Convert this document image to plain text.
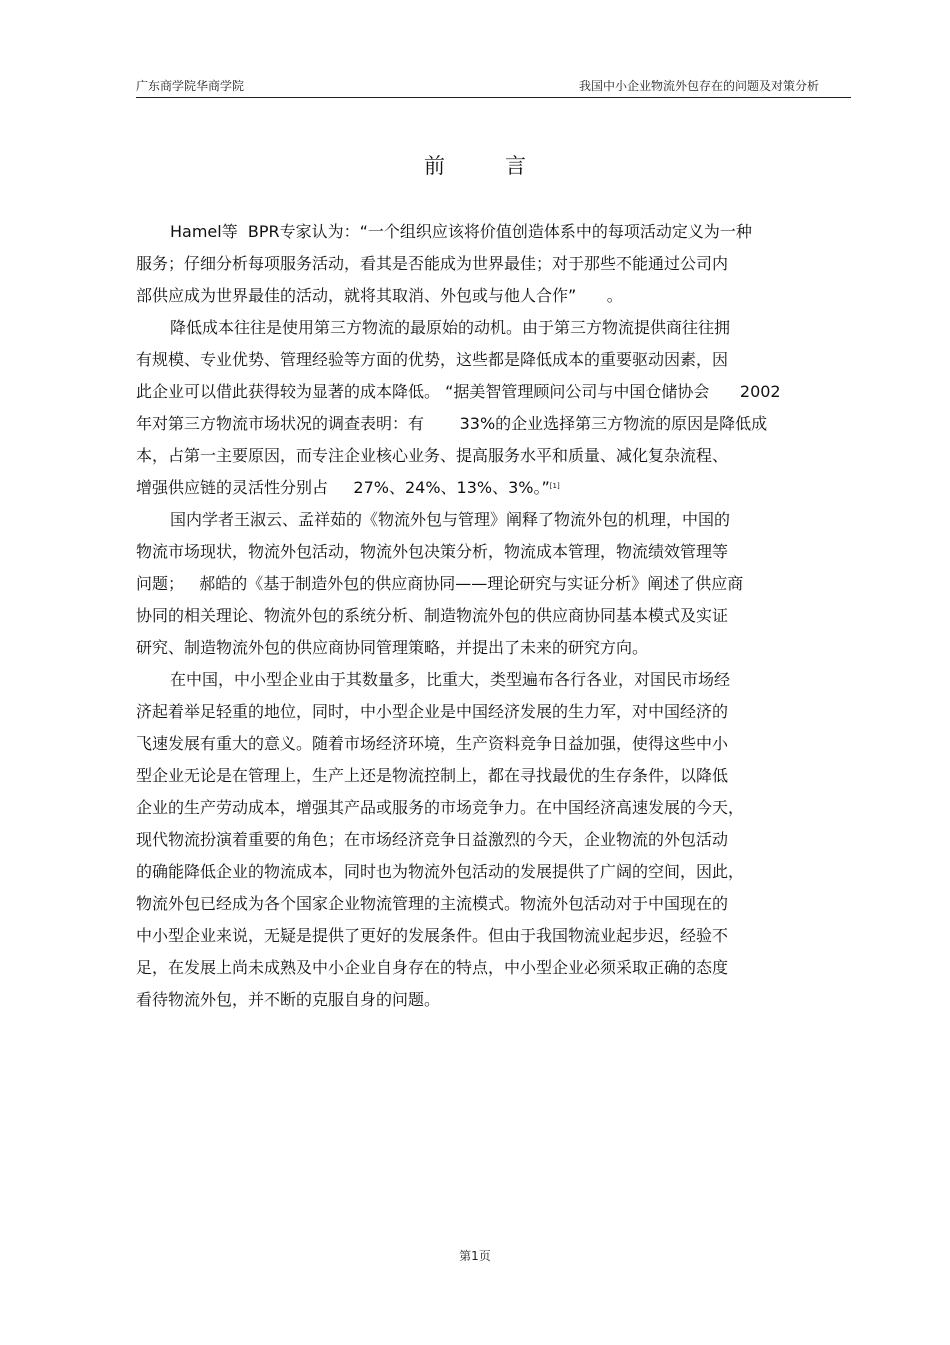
广东商学院华商学院	我国中小企业物流外包存在的问题及对策分析
前言
Hamel等  BPR专家认为：“一个组织应该将价值创造体系中的每项活动定义为一种
服务；仔细分析每项服务活动，看其是否能成为世界最佳；对于那些不能通过公司内
部供应成为世界最佳的活动，就将其取消、外包或与他人合作”      。
降低成本往往是使用第三方物流的最原始的动机。由于第三方物流提供商往往拥
有规模、专业优势、管理经验等方面的优势，这些都是降低成本的重要驱动因素，因
此企业可以借此获得较为显著的成本降低。 “据美智管理顾问公司与中国仓储协会      2002
年对第三方物流市场状况的调查表明：有       33%的企业选择第三方物流的原因是降低成
本，占第一主要原因，而专注企业核心业务、提高服务水平和质量、减化复杂流程、
增强供应链的灵活性分别占     27%、24%、13%、3%。”[1]
国内学者王淑云、孟祥茹的《物流外包与管理》阐释了物流外包的机理，中国的
物流市场现状，物流外包活动，物流外包决策分析，物流成本管理，物流绩效管理等
问题；   郝皓的《基于制造外包的供应商协同——理论研究与实证分析》阐述了供应商
协同的相关理论、物流外包的系统分析、制造物流外包的供应商协同基本模式及实证
研究、制造物流外包的供应商协同管理策略，并提出了未来的研究方向。
在中国，中小型企业由于其数量多，比重大，类型遍布各行各业，对国民市场经
济起着举足轻重的地位，同时，中小型企业是中国经济发展的生力军，对中国经济的
飞速发展有重大的意义。随着市场经济环境，生产资料竞争日益加强，使得这些中小
型企业无论是在管理上，生产上还是物流控制上，都在寻找最优的生存条件，以降低
企业的生产劳动成本，增强其产品或服务的市场竞争力。在中国经济高速发展的今天，
现代物流扮演着重要的角色；在市场经济竞争日益激烈的今天，企业物流的外包活动
的确能降低企业的物流成本，同时也为物流外包活动的发展提供了广阔的空间，因此，
物流外包已经成为各个国家企业物流管理的主流模式。物流外包活动对于中国现在的
中小型企业来说，无疑是提供了更好的发展条件。但由于我国物流业起步迟，经验不
足，在发展上尚未成熟及中小企业自身存在的特点，中小型企业必须采取正确的态度
看待物流外包，并不断的克服自身的问题。
第1页
